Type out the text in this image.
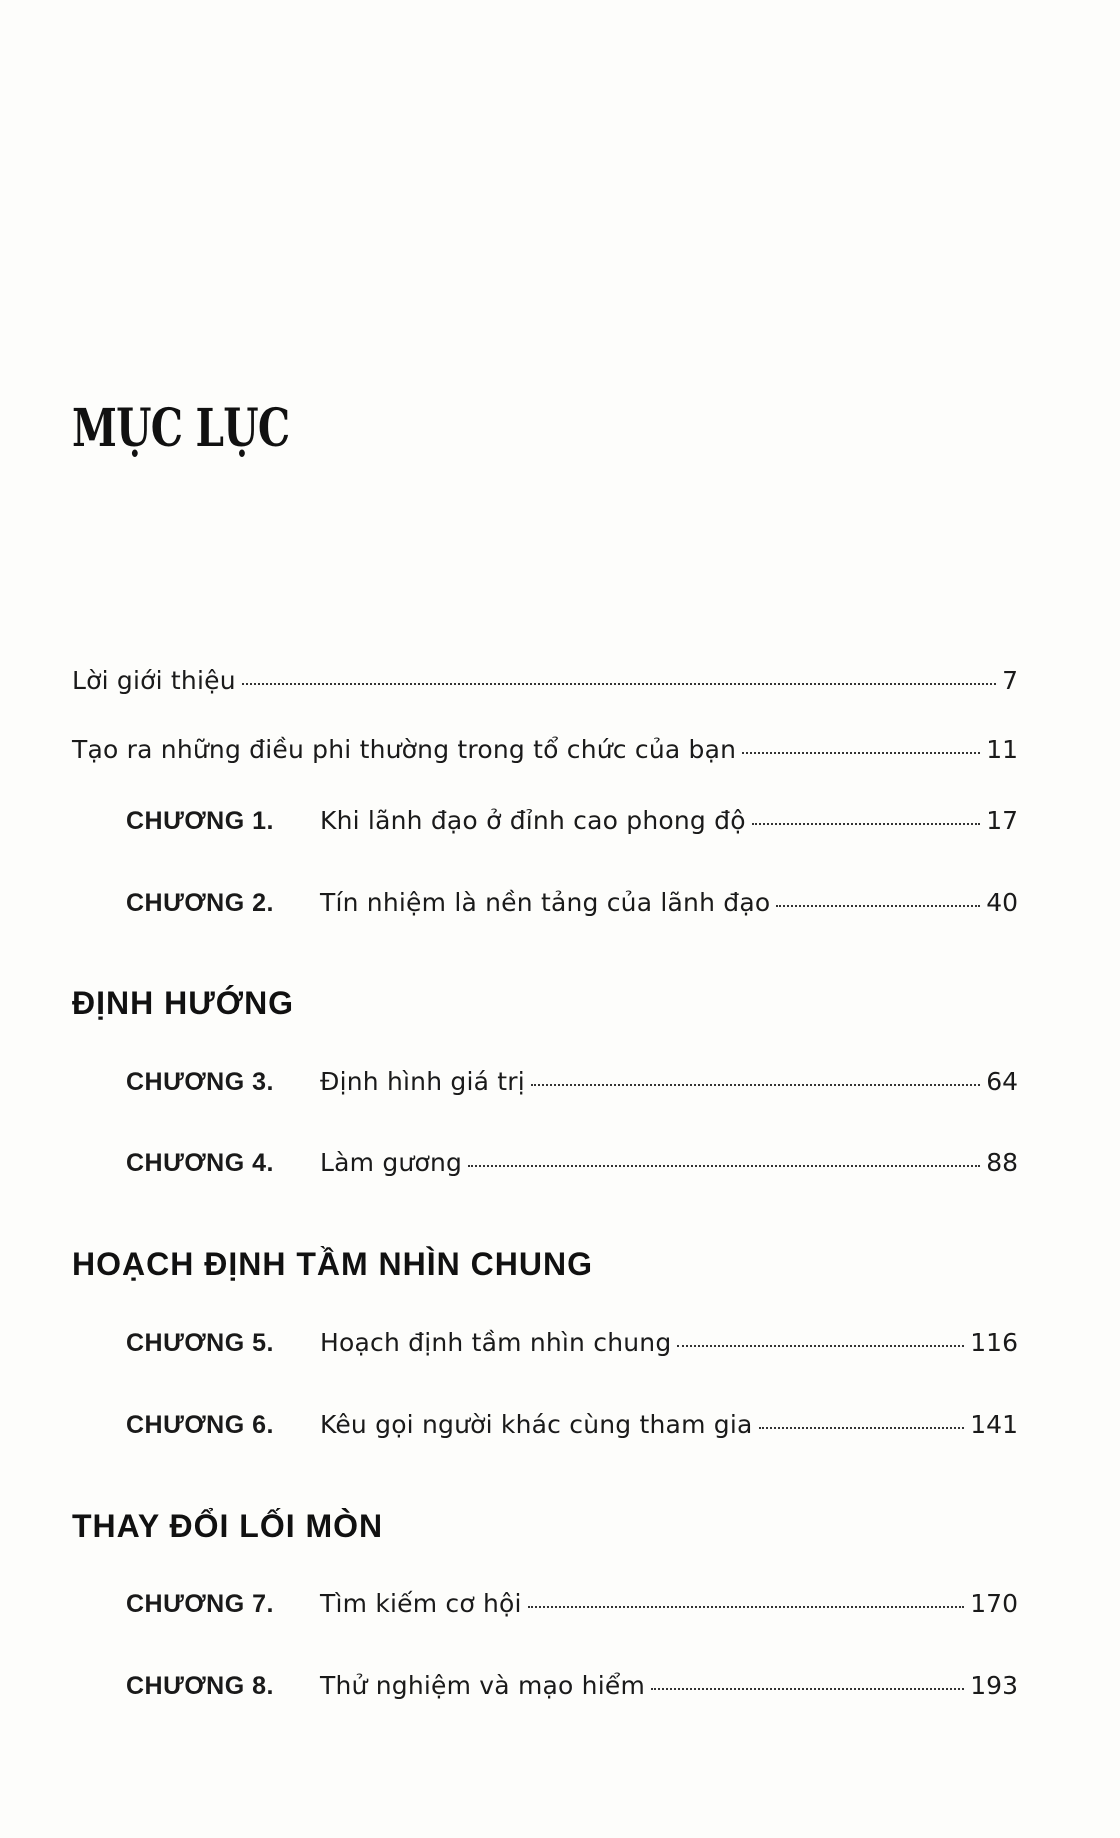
MỤC LỤC
Lời giới thiệu	7
Tạo ra những điều phi thường trong tổ chức của bạn	11
CHƯƠNG 1.	Khi lãnh đạo ở đỉnh cao phong độ	17
CHƯƠNG 2.	Tín nhiệm là nền tảng của lãnh đạo	40
ĐỊNH HƯỚNG
CHƯƠNG 3.	Định hình giá trị	64
CHƯƠNG 4.	Làm gương	88
HOẠCH ĐỊNH TẦM NHÌN CHUNG
CHƯƠNG 5.	Hoạch định tầm nhìn chung	116
CHƯƠNG 6.	Kêu gọi người khác cùng tham gia	141
THAY ĐỔI LỐI MÒN
CHƯƠNG 7.	Tìm kiếm cơ hội	170
CHƯƠNG 8.	Thử nghiệm và mạo hiểm	193
